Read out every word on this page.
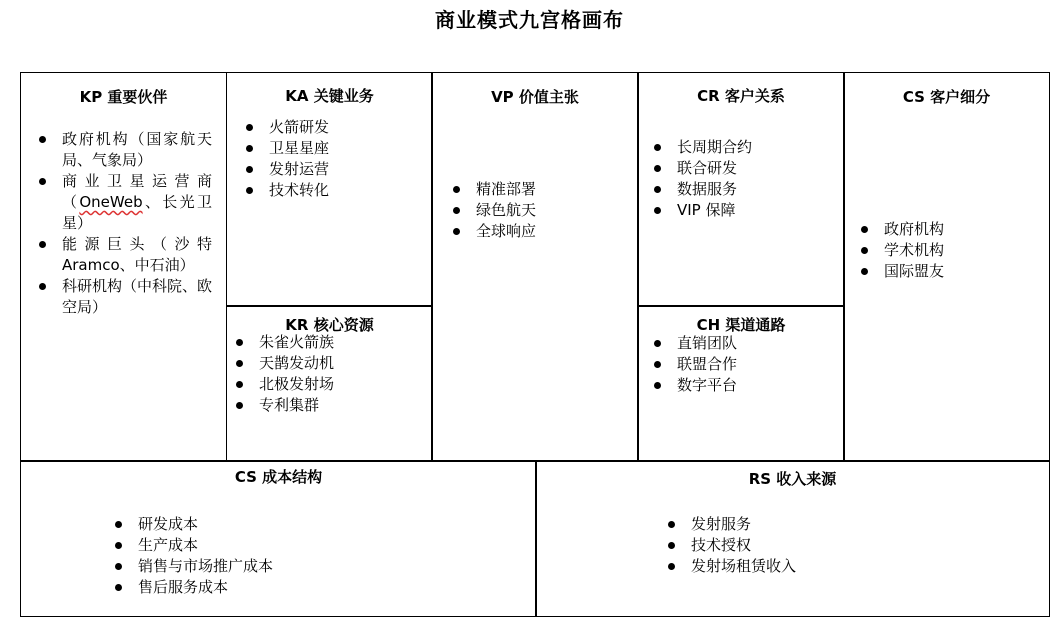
商业模式九宫格画布
KP 重要伙伴
政府机构（国家航天局、气象局）
商业卫星运营商（OneWeb、长光卫星）
能源巨头（沙特Aramco、中石油）
科研机构（中科院、欧空局）
KA 关键业务
火箭研发
卫星星座
发射运营
技术转化
KR 核心资源
朱雀火箭族
天鹊发动机
北极发射场
专利集群
VP 价值主张
精准部署
绿色航天
全球响应
CR 客户关系
长周期合约
联合研发
数据服务
VIP 保障
CH 渠道通路
直销团队
联盟合作
数字平台
CS 客户细分
政府机构
学术机构
国际盟友
CS 成本结构
研发成本
生产成本
销售与市场推广成本
售后服务成本
RS 收入来源
发射服务
技术授权
发射场租赁收入
